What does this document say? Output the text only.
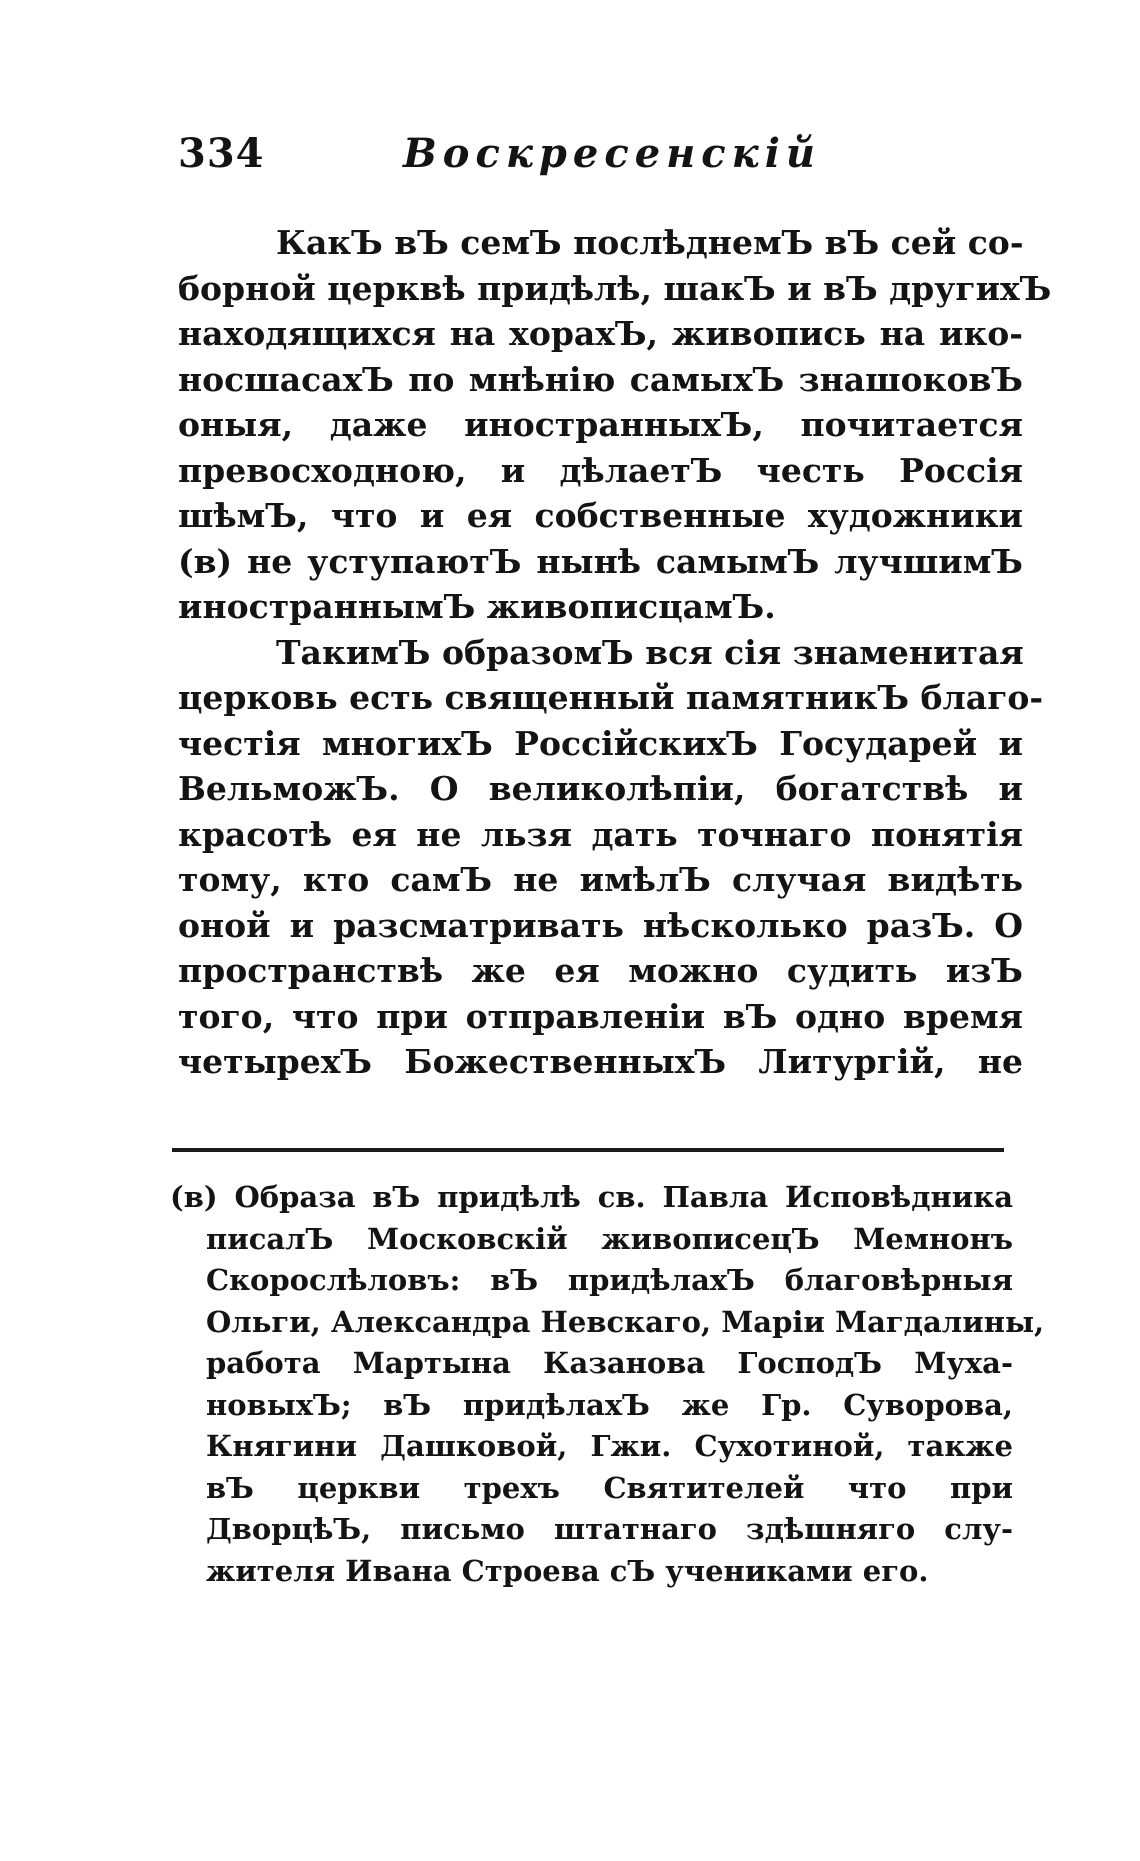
334	Воскресенскій
КакЪ вЪ семЪ послѣднемЪ вЪ сей со-
борной церквѣ придѣлѣ, шакЪ и вЪ другихЪ
находящихся на хорахЪ, живопись на ико-
носшасахЪ по мнѣнію самыхЪ знашоковЪ
оныя, даже иностранныхЪ, почитается
превосходною, и дѣлаетЪ честь Россія
шѣмЪ, что и ея собственные художники
(в) не уступаютЪ нынѣ самымЪ лучшимЪ
иностраннымЪ живописцамЪ.
ТакимЪ образомЪ вся сія знаменитая
церковь есть священный памятникЪ благо-
честія многихЪ РоссійскихЪ Государей и
ВельможЪ. О великолѣпіи, богатствѣ и
красотѣ ея не льзя дать точнаго понятія
тому, кто самЪ не имѣлЪ случая видѣть
оной и разсматривать нѣсколько разЪ. О
пространствѣ же ея можно судить изЪ
того, что при отправленіи вЪ одно время
четырехЪ БожественныхЪ Литургій, не
(в) Образа вЪ придѣлѣ св. Павла Исповѣдника
писалЪ Московскій живописецЪ Мемнонъ
Скорослѣловъ: вЪ придѣлахЪ благовѣрныя
Ольги, Александра Невскаго, Маріи Магдалины,
работа Мартына Казанова ГосподЪ Муха-
новыхЪ; вЪ придѣлахЪ же Гр. Суворова,
Княгини Дашковой, Гжи. Сухотиной, также
вЪ церкви трехъ Святителей что при
ДворцѣЪ, письмо штатнаго здѣшняго слу-
жителя Ивана Строева сЪ учениками его.
